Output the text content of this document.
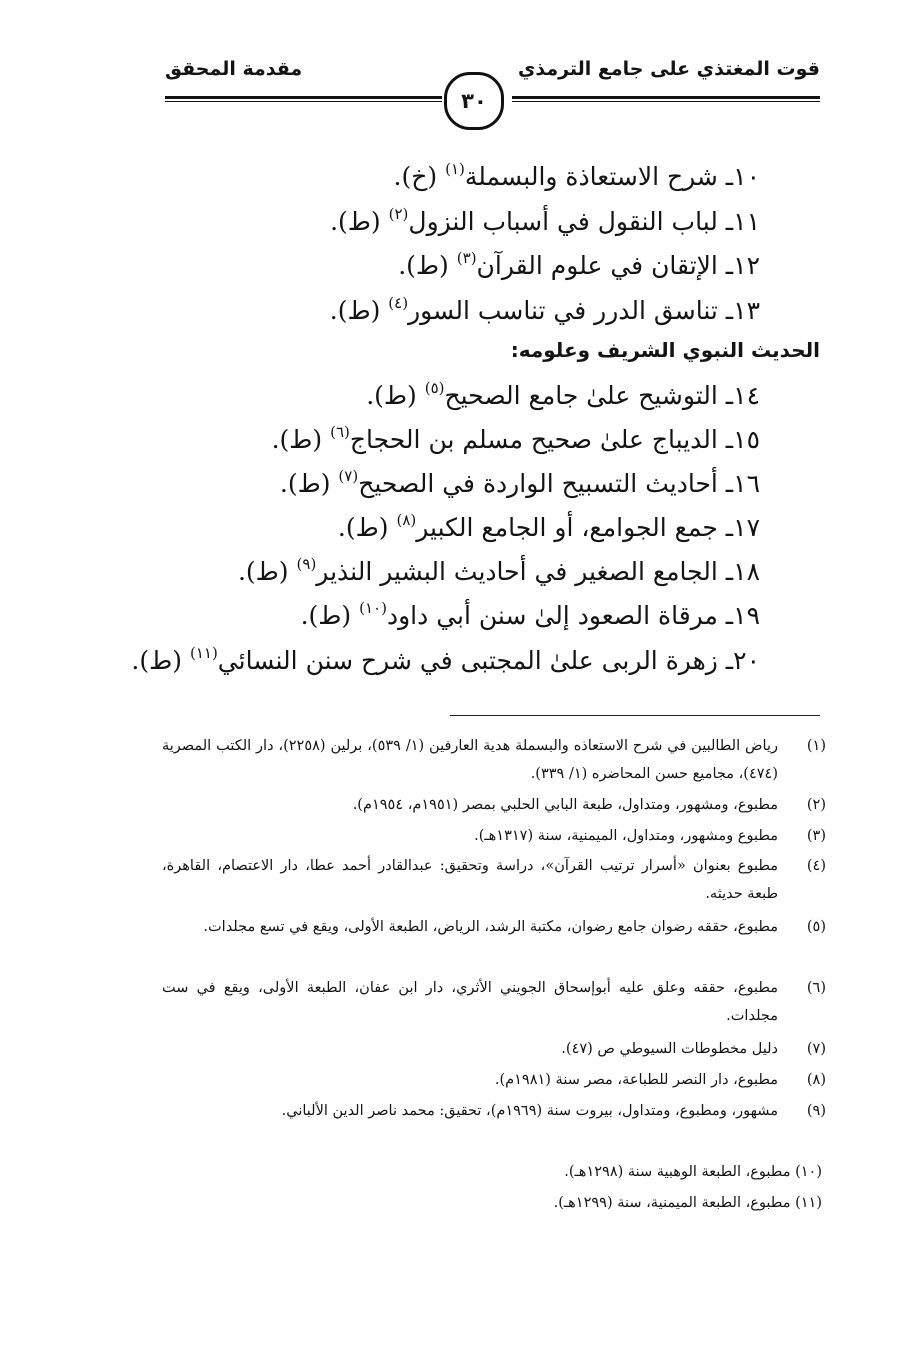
قوت المغتذي على جامع الترمذي
مقدمة المحقق
٣٠
١٠ـ شرح الاستعاذة والبسملة$^{(١)}$ (خ).
١١ـ لباب النقول في أسباب النزول$^{(٢)}$ (ط).
١٢ـ الإتقان في علوم القرآن$^{(٣)}$ (ط).
١٣ـ تناسق الدرر في تناسب السور$^{(٤)}$ (ط).
الحديث النبوي الشريف وعلومه:
١٤ـ التوشيح علىٰ جامع الصحيح$^{(٥)}$ (ط).
١٥ـ الديباج علىٰ صحيح مسلم بن الحجاج$^{(٦)}$ (ط).
١٦ـ أحاديث التسبيح الواردة في الصحيح$^{(٧)}$ (ط).
١٧ـ جمع الجوامع، أو الجامع الكبير$^{(٨)}$ (ط).
١٨ـ الجامع الصغير في أحاديث البشير النذير$^{(٩)}$ (ط).
١٩ـ مرقاة الصعود إلىٰ سنن أبي داود$^{(١٠)}$ (ط).
٢٠ـ زهرة الربى علىٰ المجتبى في شرح سنن النسائي$^{(١١)}$ (ط).
(١)
رياض الطالبين في شرح الاستعاذه والبسملة هدية العارفين (١/ ٥٣٩)، برلين (٢٢٥٨)، دار الكتب المصرية (٤٧٤)، مجاميع حسن المحاضره (١/ ٣٣٩).
(٢)
مطبوع، ومشهور، ومتداول، طبعة البابي الحلبي بمصر (١٩٥١م، ١٩٥٤م).
(٣)
مطبوع ومشهور، ومتداول، الميمنية، سنة (١٣١٧هـ).
(٤)
مطبوع بعنوان «أسرار ترتيب القرآن»، دراسة وتحقيق: عبدالقادر أحمد عطا، دار الاعتصام، القاهرة، طبعة حديثه.
(٥)
مطبوع، حققه رضوان جامع رضوان، مكتبة الرشد، الرياض، الطبعة الأولى، ويقع في تسع مجلدات.
(٦)
مطبوع، حققه وعلق عليه أبوإسحاق الجويني الأثري، دار ابن عفان، الطبعة الأولى، ويقع في ست مجلدات.
(٧)
دليل مخطوطات السيوطي ص (٤٧).
(٨)
مطبوع، دار النصر للطباعة، مصر سنة (١٩٨١م).
(٩)
مشهور، ومطبوع، ومتداول، بيروت سنة (١٩٦٩م)، تحقيق: محمد ناصر الدين الألباني.
(١٠) مطبوع، الطبعة الوهبية سنة (١٢٩٨هـ).
(١١) مطبوع، الطبعة الميمنية، سنة (١٢٩٩هـ).
